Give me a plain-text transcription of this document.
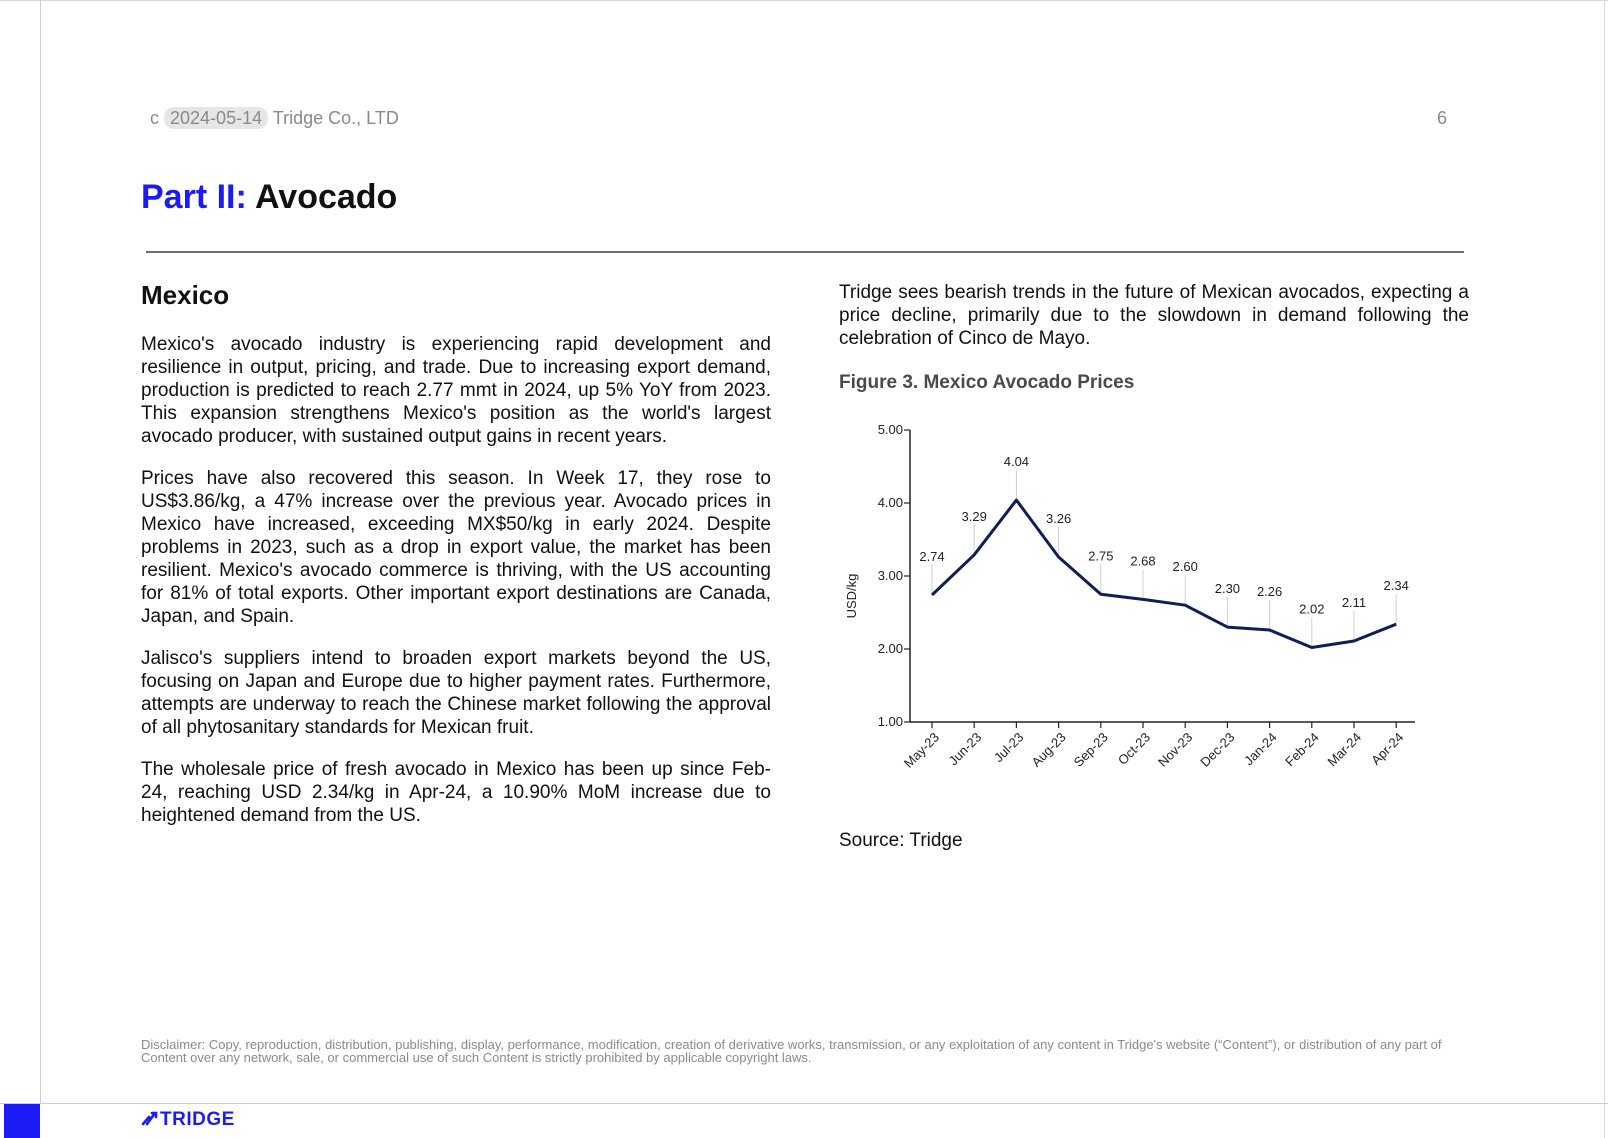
c 2024-05-14 Tridge Co., LTD	6
Part II: Avocado
Mexico

Mexico's avocado industry is experiencing rapid development and resilience in output, pricing, and trade. Due to increasing export demand, production is predicted to reach 2.77 mmt in 2024, up 5% YoY from 2023. This expansion strengthens Mexico's position as the world's largest avocado producer, with sustained output gains in recent years.

Prices have also recovered this season. In Week 17, they rose to US$3.86/kg, a 47% increase over the previous year. Avocado prices in Mexico have increased, exceeding MX$50/kg in early 2024. Despite problems in 2023, such as a drop in export value, the market has been resilient. Mexico's avocado commerce is thriving, with the US accounting for 81% of total exports. Other important export destinations are Canada, Japan, and Spain.

Jalisco's suppliers intend to broaden export markets beyond the US, focusing on Japan and Europe due to higher payment rates. Furthermore, attempts are underway to reach the Chinese market following the approval of all phytosanitary standards for Mexican fruit.

The wholesale price of fresh avocado in Mexico has been up since Feb-24, reaching USD 2.34/kg in Apr-24, a 10.90% MoM increase due to heightened demand from the US.

Tridge sees bearish trends in the future of Mexican avocados, expecting a price decline, primarily due to the slowdown in demand following the celebration of Cinco de Mayo.

Figure 3. Mexico Avocado Prices
1.00
2.00
3.00
4.00
5.00
May-23 Jun-23 Jul-23 Aug-23 Sep-23 Oct-23 Nov-23 Dec-23 Jan-24 Feb-24 Mar-24 Apr-24
2.74
3.29
4.04
3.26
2.75 2.68 2.60
2.30 2.26
2.02 2.11
2.34
USD/kg
Source: Tridge
Disclaimer: Copy, reproduction, distribution, publishing, display, performance, modification, creation of derivative works, transmission, or any exploitation of any content in Tridge's website (“Content”), or distribution of any part of Content over any network, sale, or commercial use of such Content is strictly prohibited by applicable copyright laws.
TRIDGE
